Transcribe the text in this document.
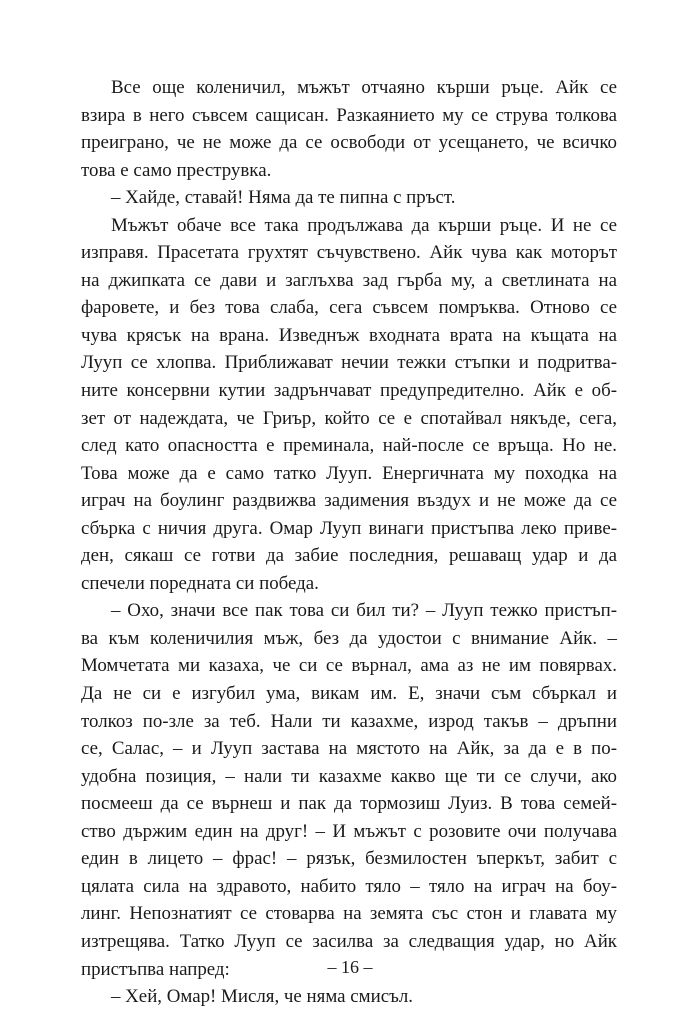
Все още коленичил, мъжът отчаяно кърши ръце. Айк се
взира в него съвсем сащисан. Разкаянието му се струва толкова
преиграно, че не може да се освободи от усещането, че всичко
това е само преструвка.
– Хайде, ставай! Няма да те пипна с пръст.
Мъжът обаче все така продължава да кърши ръце. И не се
изправя. Прасетата грухтят съчувствено. Айк чува как моторът
на джипката се дави и заглъхва зад гърба му, а светлината на
фаровете, и без това слаба, сега съвсем помръква. Отново се
чува крясък на врана. Изведнъж входната врата на къщата на
Лууп се хлопва. Приближават нечии тежки стъпки и подритва-
ните консервни кутии задрънчават предупредително. Айк е об-
зет от надеждата, че Гриър, който се е спотайвал някъде, сега,
след като опасността е преминала, най-после се връща. Но не.
Това може да е само татко Лууп. Енергичната му походка на
играч на боулинг раздвижва задимения въздух и не може да се
сбърка с ничия друга. Омар Лууп винаги пристъпва леко приве-
ден, сякаш се готви да забие последния, решаващ удар и да
спечели поредната си победа.
– Охо, значи все пак това си бил ти? – Лууп тежко пристъп-
ва към коленичилия мъж, без да удостои с внимание Айк. –
Момчетата ми казаха, че си се върнал, ама аз не им повярвах.
Да не си е изгубил ума, викам им. Е, значи съм сбъркал и
толкоз по-зле за теб. Нали ти казахме, изрод такъв – дръпни
се, Салас, – и Лууп застава на мястото на Айк, за да е в по-
удобна позиция, – нали ти казахме какво ще ти се случи, ако
посмееш да се върнеш и пак да тормозиш Луиз. В това семей-
ство държим един на друг! – И мъжът с розовите очи получава
един в лицето – фрас! – рязък, безмилостен ъперкът, забит с
цялата сила на здравото, набито тяло – тяло на играч на боу-
линг. Непознатият се стоварва на земята със стон и главата му
изтрещява. Татко Лууп се засилва за следващия удар, но Айк
пристъпва напред:
– Хей, Омар! Мисля, че няма смисъл.
– 16 –
